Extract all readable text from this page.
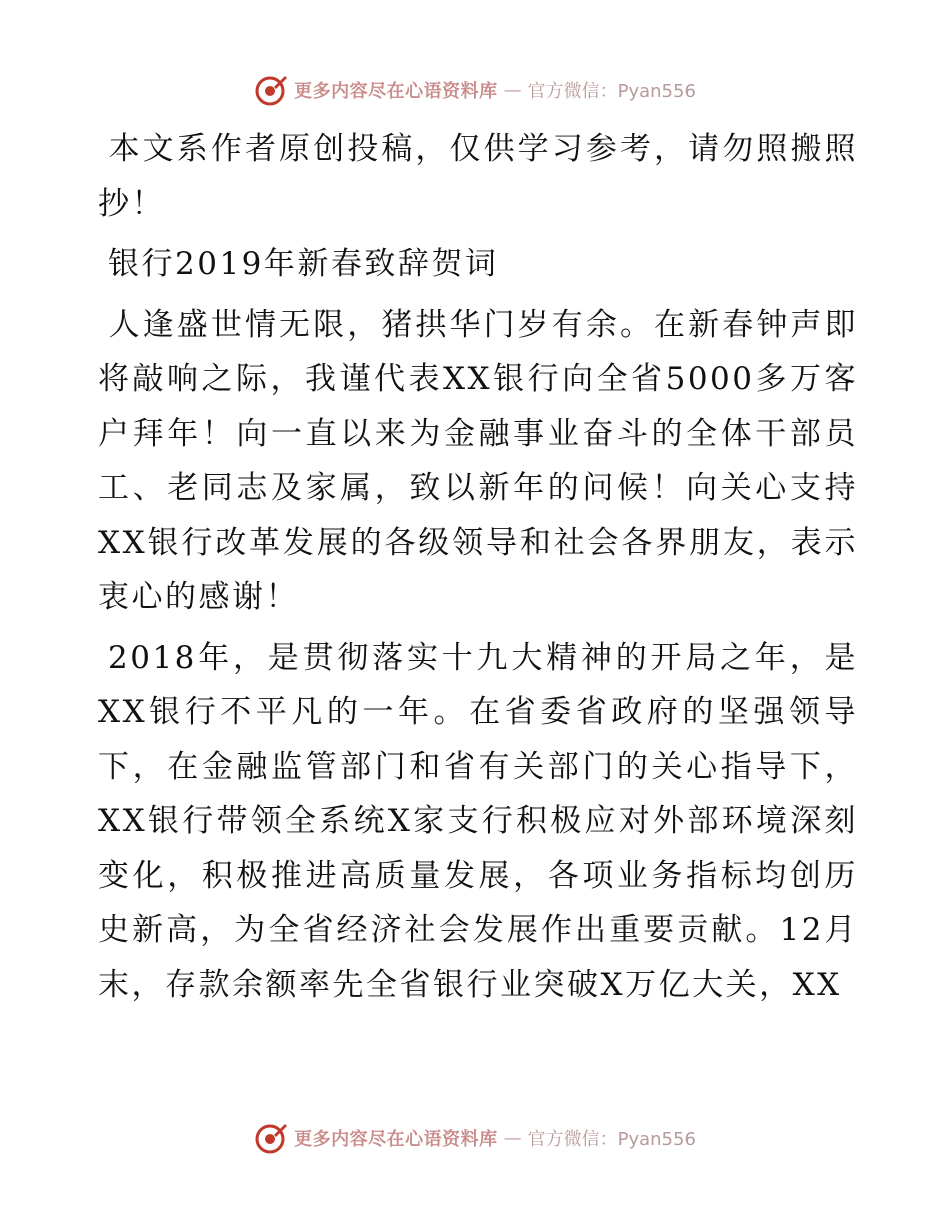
更多内容尽在心语资料库 — 官方微信：Pyan556

本文系作者原创投稿，仅供学习参考，请勿照搬照抄！

银行2019年新春致辞贺词

人逢盛世情无限，猪拱华门岁有余。在新春钟声即将敲响之际，我谨代表XX银行向全省5000多万客户拜年！向一直以来为金融事业奋斗的全体干部员工、老同志及家属，致以新年的问候！向关心支持XX银行改革发展的各级领导和社会各界朋友，表示衷心的感谢！

2018年，是贯彻落实十九大精神的开局之年，是XX银行不平凡的一年。在省委省政府的坚强领导下，在金融监管部门和省有关部门的关心指导下，XX银行带领全系统X家支行积极应对外部环境深刻变化，积极推进高质量发展，各项业务指标均创历史新高，为全省经济社会发展作出重要贡献。12月末，存款余额率先全省银行业突破X万亿大关，XX

更多内容尽在心语资料库 — 官方微信：Pyan556
